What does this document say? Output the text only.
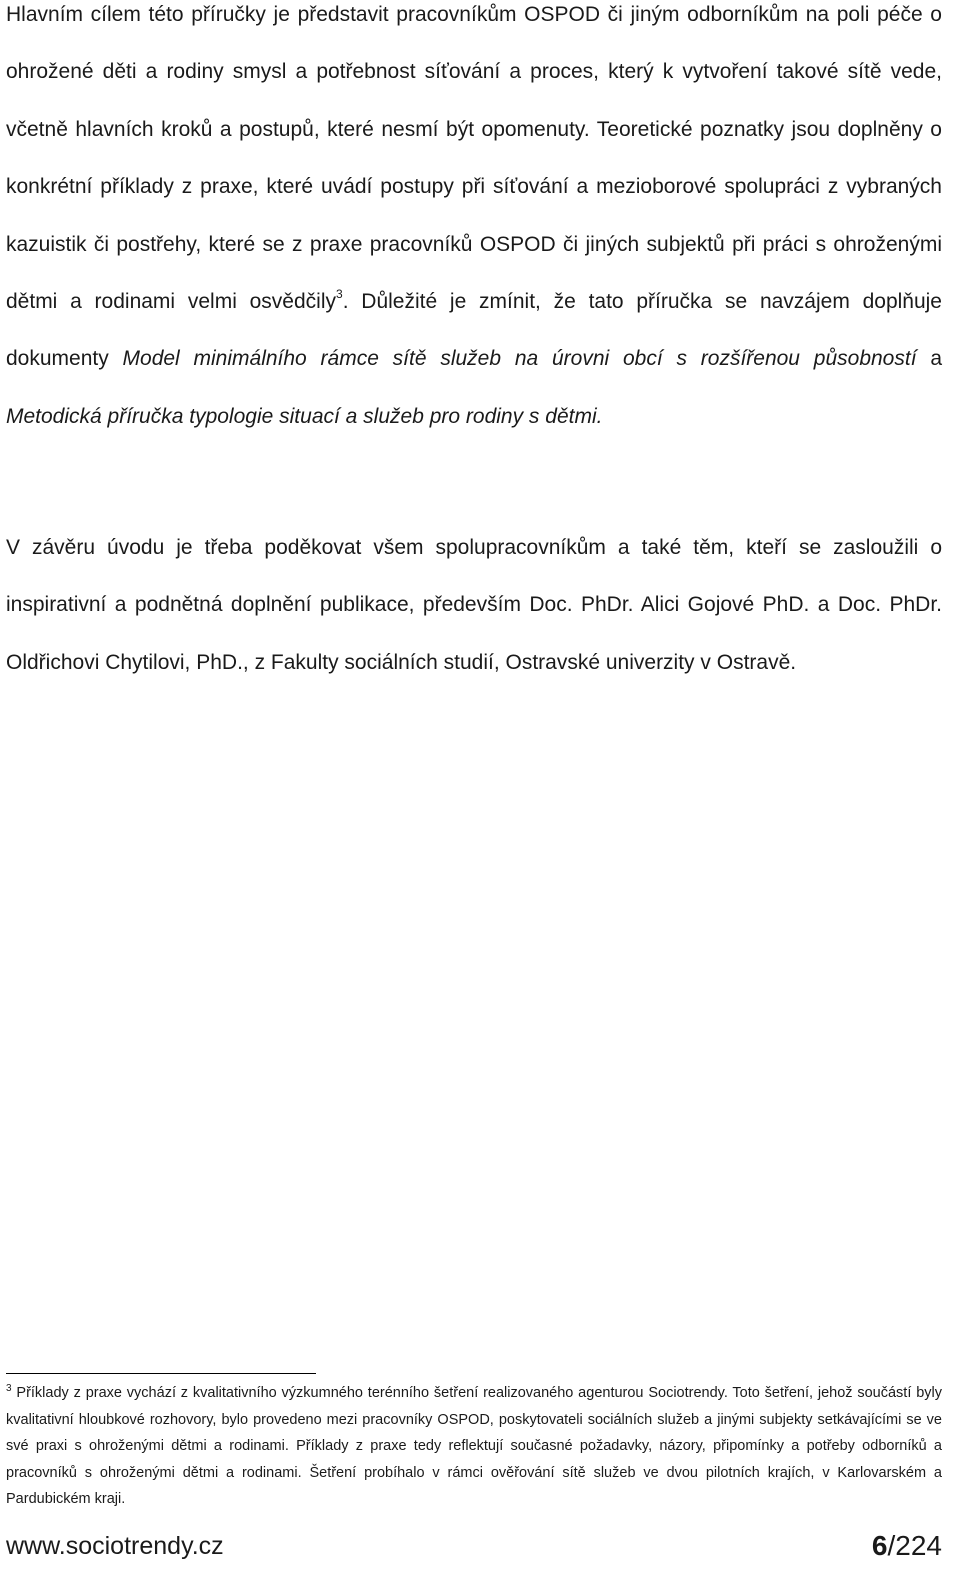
Hlavním cílem této příručky je představit pracovníkům OSPOD či jiným odborníkům na poli péče o ohrožené děti a rodiny smysl a potřebnost síťování a proces, který k vytvoření takové sítě vede, včetně hlavních kroků a postupů, které nesmí být opomenuty. Teoretické poznatky jsou doplněny o konkrétní příklady z praxe, které uvádí postupy při síťování a mezioborové spolupráci z vybraných kazuistik či postřehy, které se z praxe pracovníků OSPOD či jiných subjektů při práci s ohroženými dětmi a rodinami velmi osvědčily$^3$. Důležité je zmínit, že tato příručka se navzájem doplňuje dokumenty Model minimálního rámce sítě služeb na úrovni obcí s rozšířenou působností a Metodická příručka typologie situací a služeb pro rodiny s dětmi.

V závěru úvodu je třeba poděkovat všem spolupracovníkům a také těm, kteří se zasloužili o inspirativní a podnětná doplnění publikace, především Doc. PhDr. Alici Gojové PhD. a Doc. PhDr. Oldřichovi Chytilovi, PhD., z Fakulty sociálních studií, Ostravské univerzity v Ostravě.

$^3$ Příklady z praxe vychází z kvalitativního výzkumného terénního šetření realizovaného agenturou Sociotrendy. Toto šetření, jehož součástí byly kvalitativní hloubkové rozhovory, bylo provedeno mezi pracovníky OSPOD, poskytovateli sociálních služeb a jinými subjekty setkávajícími se ve své praxi s ohroženými dětmi a rodinami. Příklady z praxe tedy reflektují současné požadavky, názory, připomínky a potřeby odborníků a pracovníků s ohroženými dětmi a rodinami. Šetření probíhalo v rámci ověřování sítě služeb ve dvou pilotních krajích, v Karlovarském a Pardubickém kraji.

www.sociotrendy.cz	6/224
